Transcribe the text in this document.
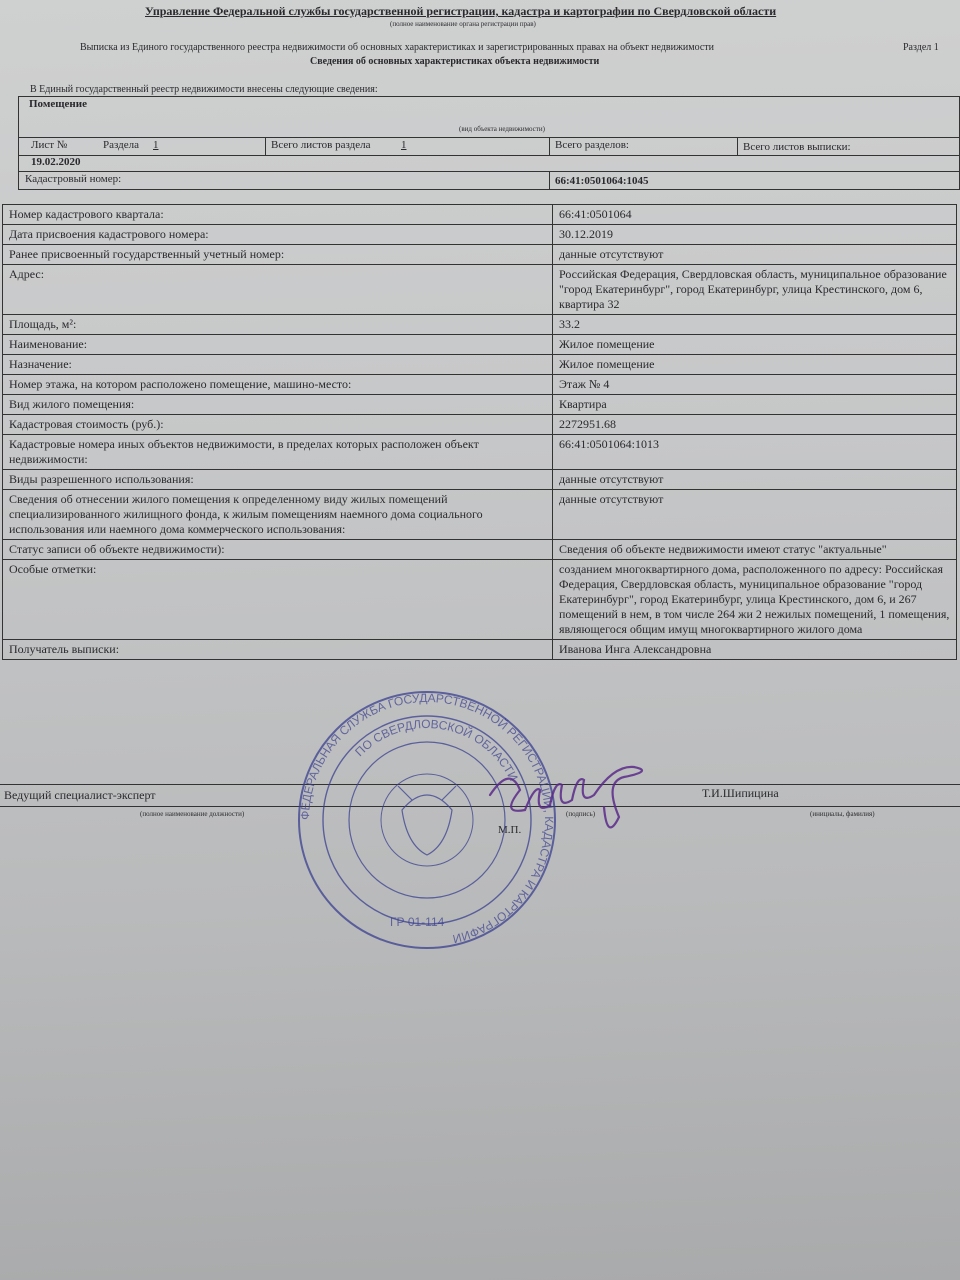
Управление Федеральной службы государственной регистрации, кадастра и картографии по Свердловской области
(полное наименование органа регистрации прав)
Раздел 1
Выписка из Единого государственного реестра недвижимости об основных характеристиках и зарегистрированных правах на объект недвижимости
Сведения об основных характеристиках объекта недвижимости
В Единый государственный реестр недвижимости внесены следующие сведения:
Помещение
(вид объекта недвижимости)
Лист №	Раздела 1	Всего листов раздела	1	Всего разделов:	Всего листов выписки:
19.02.2020
Кадастровый номер:	66:41:0501064:1045
Номер кадастрового квартала:	66:41:0501064
Дата присвоения кадастрового номера:	30.12.2019
Ранее присвоенный государственный учетный номер:	данные отсутствуют
Адрес:	Российская Федерация, Свердловская область, муниципальное образование "город Екатеринбург", город Екатеринбург, улица Крестинского, дом 6, квартира 32
Площадь, м²:	33.2
Наименование:	Жилое помещение
Назначение:	Жилое помещение
Номер этажа, на котором расположено помещение, машино-место:	Этаж № 4
Вид жилого помещения:	Квартира
Кадастровая стоимость (руб.):	2272951.68
Кадастровые номера иных объектов недвижимости, в пределах которых расположен объект недвижимости:	66:41:0501064:1013
Виды разрешенного использования:	данные отсутствуют
Сведения об отнесении жилого помещения к определенному виду жилых помещений специализированного жилищного фонда, к жилым помещениям наемного дома социального использования или наемного дома коммерческого использования:	данные отсутствуют
Статус записи об объекте недвижимости):	Сведения об объекте недвижимости имеют статус "актуальные"
Особые отметки:	созданием многоквартирного дома, расположенного по адресу: Российская Федерация, Свердловская область, муниципальное образование "город Екатеринбург", город Екатеринбург, улица Крестинского, дом 6, и 267 помещений в нем, в том числе 264 жи 2 нежилых помещений, 1 помещения, являющегося общим имущ многоквартирного жилого дома
Получатель выписки:	Иванова Инга Александровна
Ведущий специалист-эксперт
(полное наименование должности)	(подпись)
М.П.
Т.И.Шипицина
(инициалы, фамилия)
ФЕДЕРАЛЬНАЯ СЛУЖБА ГОСУДАРСТВЕННОЙ РЕГИСТРАЦИИ, КАДАСТРА И КАРТОГРАФИИ
ПО СВЕРДЛОВСКОЙ ОБЛАСТИ
ГР 01-114
